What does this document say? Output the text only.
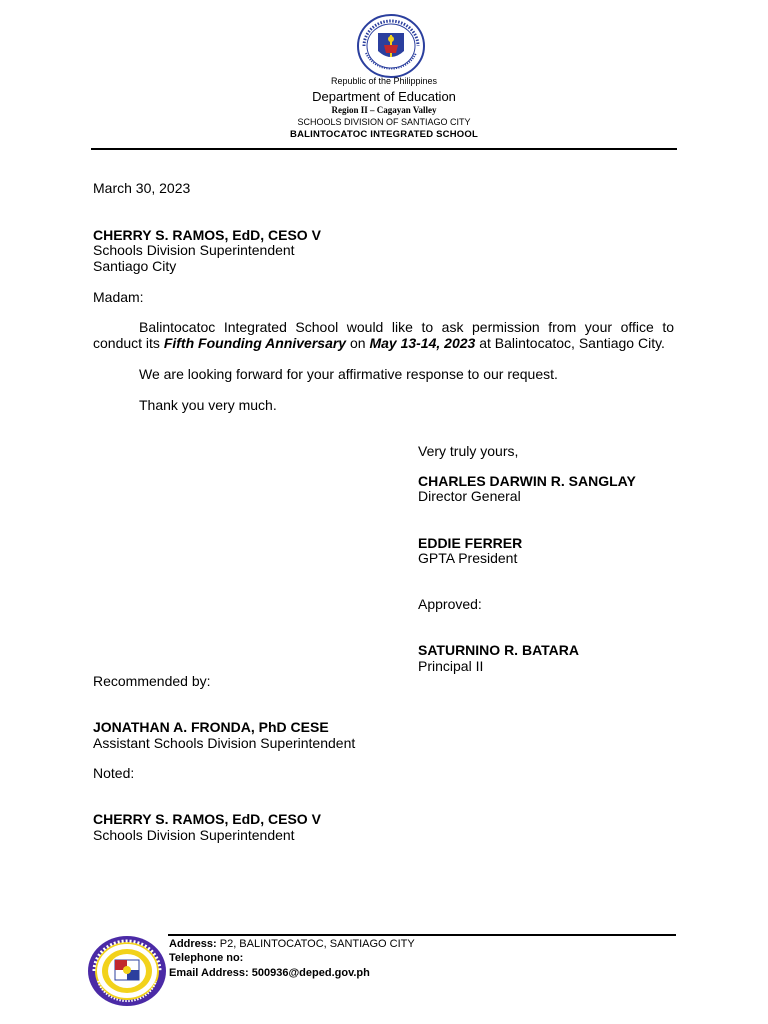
Republic of the Philippines
Department of Education
Region II – Cagayan Valley
SCHOOLS DIVISION OF SANTIAGO CITY
BALINTOCATOC INTEGRATED SCHOOL
March 30, 2023
CHERRY S. RAMOS, EdD, CESO V
Schools Division Superintendent
Santiago City
Madam:
Balintocatoc Integrated School would like to ask permission from your office to conduct its Fifth Founding Anniversary on May 13-14, 2023 at Balintocatoc, Santiago City.
We are looking forward for your affirmative response to our request.
Thank you very much.
Very truly yours,
CHARLES DARWIN R. SANGLAY
Director General
EDDIE FERRER
GPTA President
Approved:
SATURNINO R. BATARA
Principal II
Recommended by:
JONATHAN A. FRONDA, PhD CESE
Assistant Schools Division Superintendent
Noted:
CHERRY S. RAMOS, EdD, CESO V
Schools Division Superintendent
Address: P2, BALINTOCATOC, SANTIAGO CITY
Telephone no:
Email Address: 500936@deped.gov.ph
